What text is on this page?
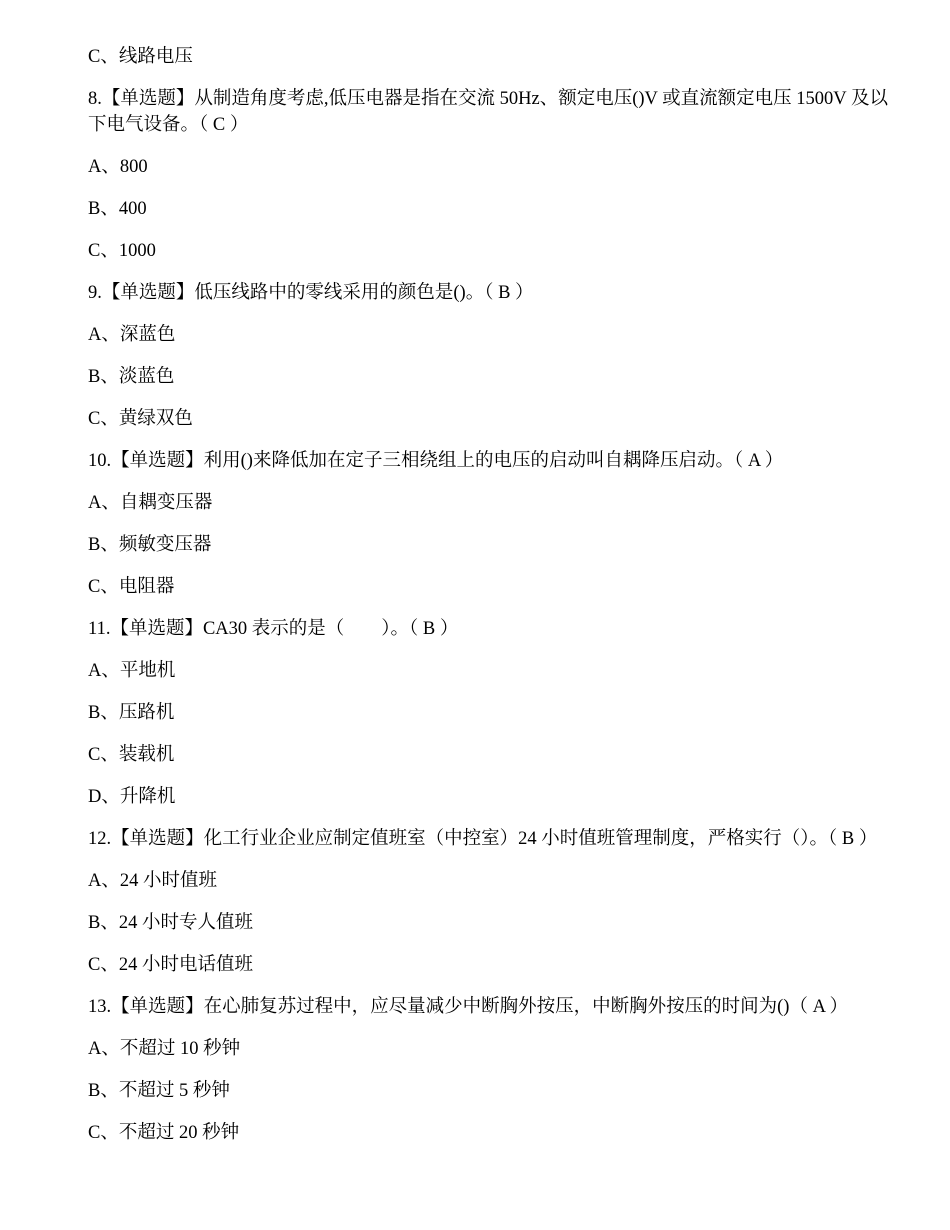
C、线路电压
8.【单选题】从制造角度考虑,低压电器是指在交流 50Hz、额定电压()V 或直流额定电压 1500V 及以下电气设备。（ C ）
A、800
B、400
C、1000
9.【单选题】低压线路中的零线采用的颜色是()。（ B ）
A、深蓝色
B、淡蓝色
C、黄绿双色
10.【单选题】利用()来降低加在定子三相绕组上的电压的启动叫自耦降压启动。（ A ）
A、自耦变压器
B、频敏变压器
C、电阻器
11.【单选题】CA30 表示的是（　　）。（ B ）
A、平地机
B、压路机
C、装载机
D、升降机
12.【单选题】化工行业企业应制定值班室（中控室）24 小时值班管理制度，严格实行（）。（ B ）
A、24 小时值班
B、24 小时专人值班
C、24 小时电话值班
13.【单选题】在心肺复苏过程中，应尽量减少中断胸外按压，中断胸外按压的时间为()（ A ）
A、不超过 10 秒钟
B、不超过 5 秒钟
C、不超过 20 秒钟
